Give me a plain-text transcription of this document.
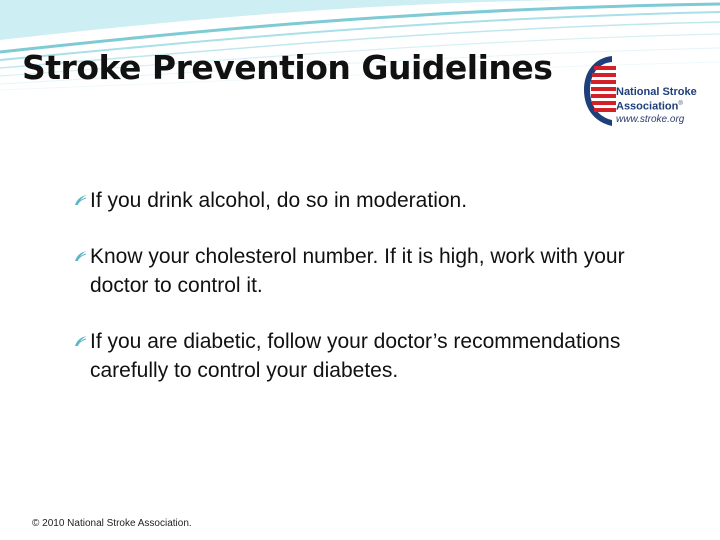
Stroke Prevention Guidelines
National Stroke
Association®
www.stroke.org
If you drink alcohol, do so in moderation.
Know your cholesterol number. If it is high, work with your doctor to control it.
If you are diabetic, follow your doctor’s recommendations carefully to control your diabetes.
© 2010 National Stroke Association.
